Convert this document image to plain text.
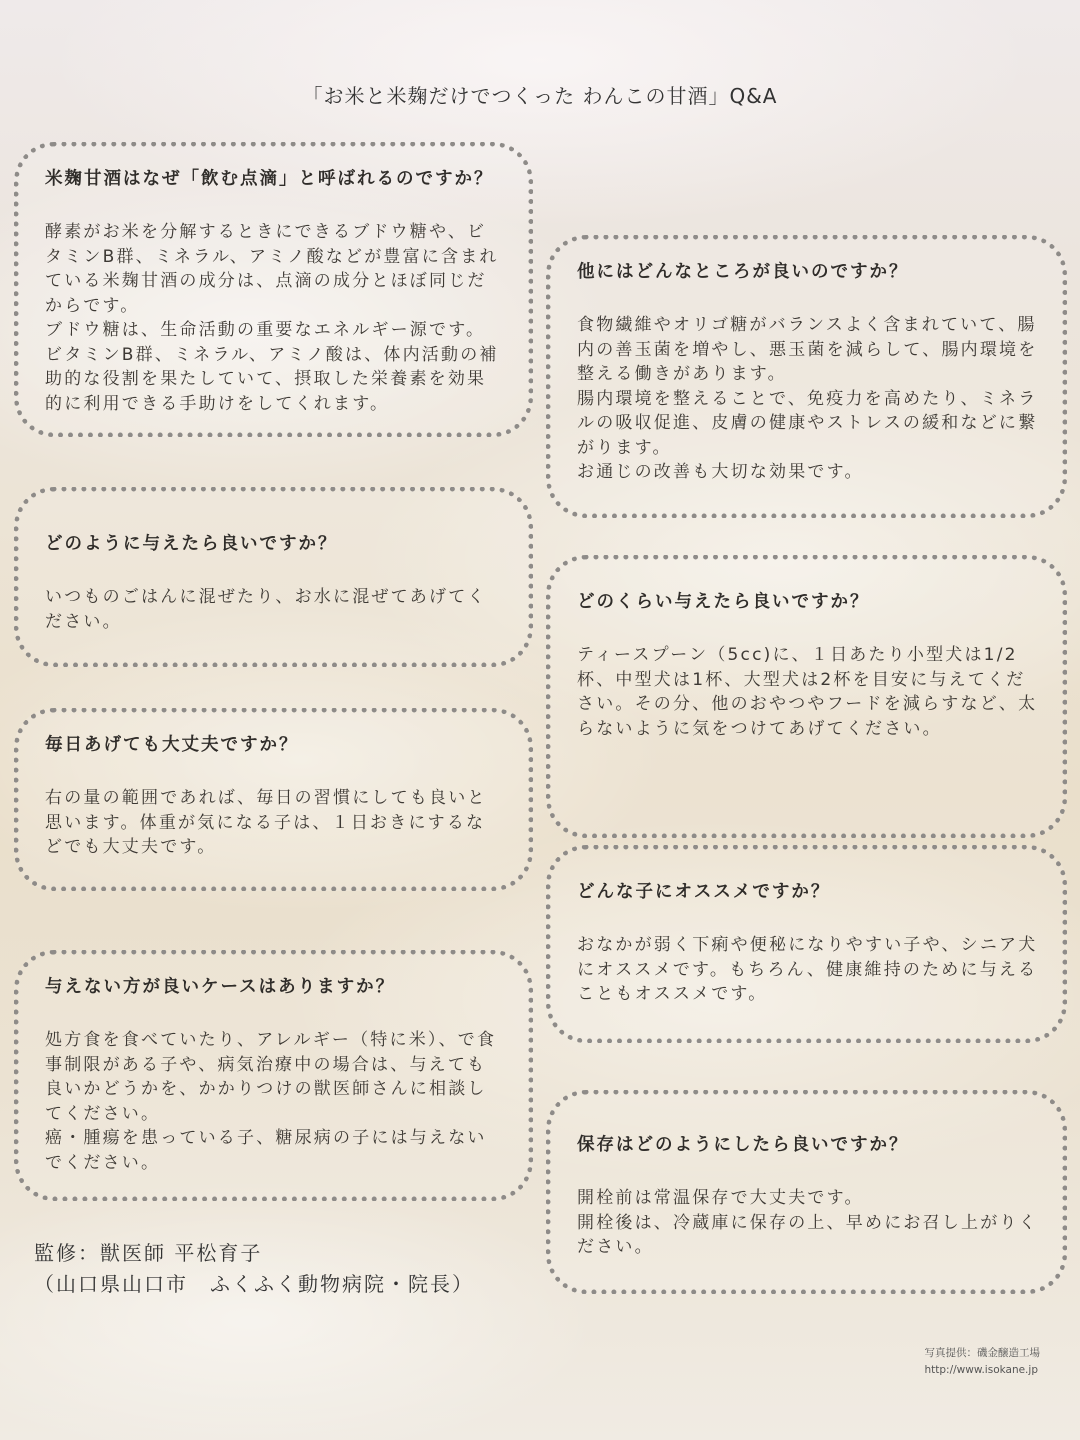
「お米と米麹だけでつくった わんこの甘酒」Q&A
米麹甘酒はなぜ「飲む点滴」と呼ばれるのですか？

酵素がお米を分解するときにできるブドウ糖や、ビタミンB群、ミネラル、アミノ酸などが豊富に含まれている米麹甘酒の成分は、点滴の成分とほぼ同じだからです。
ブドウ糖は、生命活動の重要なエネルギー源です。ビタミンB群、ミネラル、アミノ酸は、体内活動の補助的な役割を果たしていて、摂取した栄養素を効果的に利用できる手助けをしてくれます。

どのように与えたら良いですか？

いつものごはんに混ぜたり、お水に混ぜてあげてください。

毎日あげても大丈夫ですか？

右の量の範囲であれば、毎日の習慣にしても良いと思います。体重が気になる子は、１日おきにするなどでも大丈夫です。

与えない方が良いケースはありますか？

処方食を食べていたり、アレルギー（特に米）、で食事制限がある子や、病気治療中の場合は、与えても良いかどうかを、かかりつけの獣医師さんに相談してください。
癌・腫瘍を患っている子、糖尿病の子には与えないでください。

他にはどんなところが良いのですか？

食物繊維やオリゴ糖がバランスよく含まれていて、腸内の善玉菌を増やし、悪玉菌を減らして、腸内環境を整える働きがあります。
腸内環境を整えることで、免疫力を高めたり、ミネラルの吸収促進、皮膚の健康やストレスの緩和などに繋がります。
お通じの改善も大切な効果です。

どのくらい与えたら良いですか？

ティースプーン（5cc)に、１日あたり小型犬は1/2杯、中型犬は1杯、大型犬は2杯を目安に与えてください。その分、他のおやつやフードを減らすなど、太らないように気をつけてあげてください。

どんな子にオススメですか？

おなかが弱く下痢や便秘になりやすい子や、シニア犬にオススメです。もちろん、健康維持のために与えることもオススメです。

保存はどのようにしたら良いですか？

開栓前は常温保存で大丈夫です。
開栓後は、冷蔵庫に保存の上、早めにお召し上がりください。

監修：獣医師 平松育子
（山口県山口市　ふくふく動物病院・院長）
写真提供：磯金醸造工場
http://www.isokane.jp
